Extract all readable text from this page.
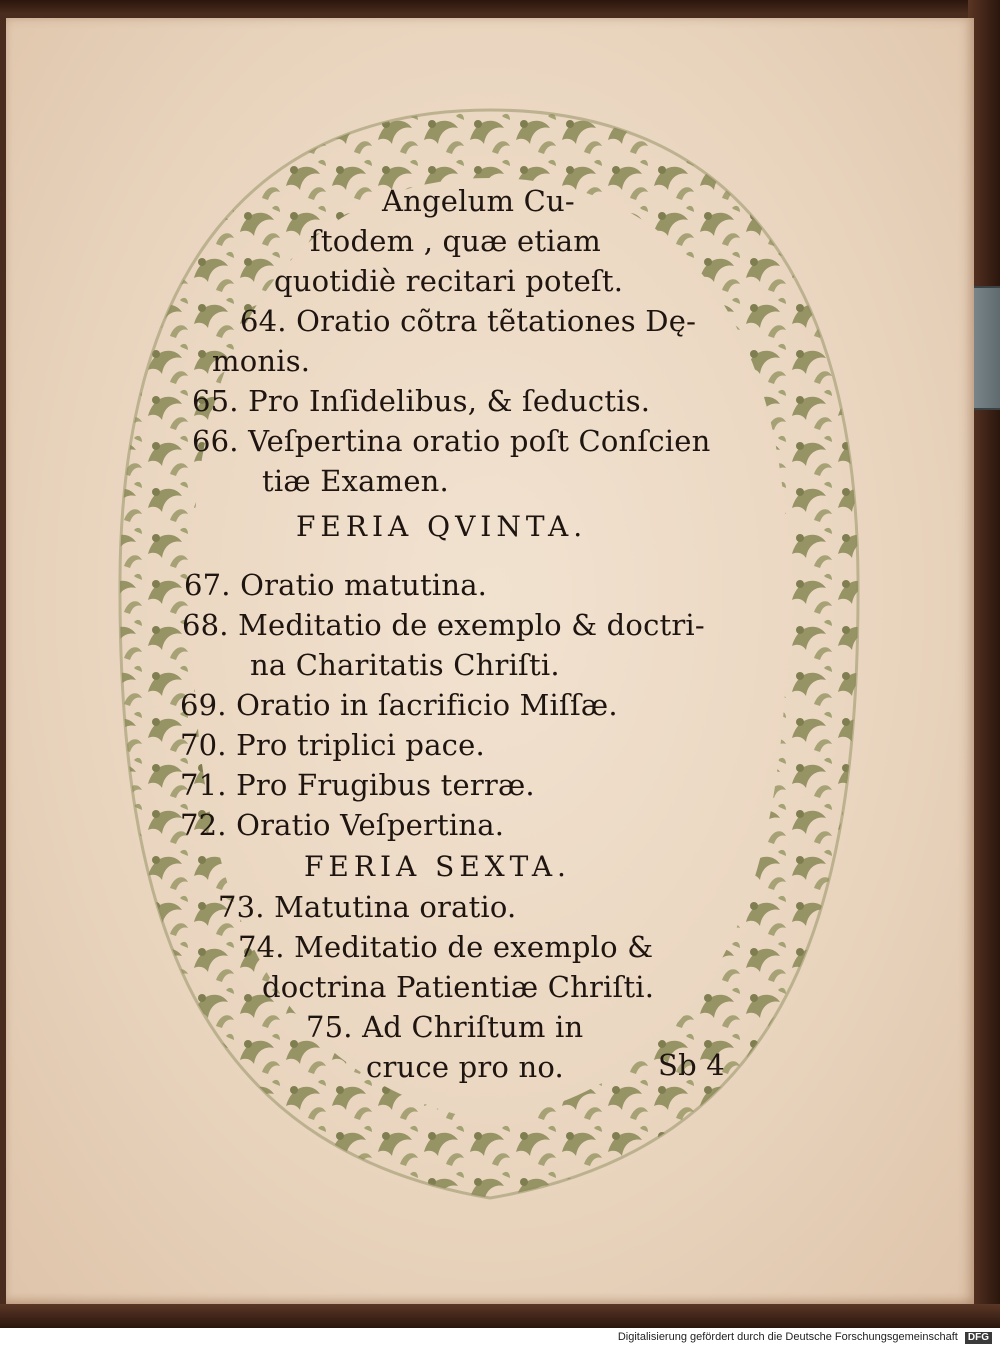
Angelum Cu-
ſtodem , quæ etiam
quotidiè recitari poteſt.
64. Oratio cõtra tẽtationes Dę-
monis.
65. Pro Inſidelibus, & ſeductis.
66. Veſpertina oratio poſt Conſcien
tiæ Examen.
FERIA QVINTA.
67. Oratio matutina.
68. Meditatio de exemplo & doctri-
na Charitatis Chriſti.
69. Oratio in ſacrificio Miſſæ.
70. Pro triplici pace.
71. Pro Frugibus terræ.
72. Oratio Veſpertina.
FERIA SEXTA.
73. Matutina oratio.
74. Meditatio de exemplo &
doctrina Patientiæ Chriſti.
75. Ad Chriſtum in
cruce pro no.	Sb 4
Digitalisierung gefördert durch die Deutsche Forschungsgemeinschaft DFG
